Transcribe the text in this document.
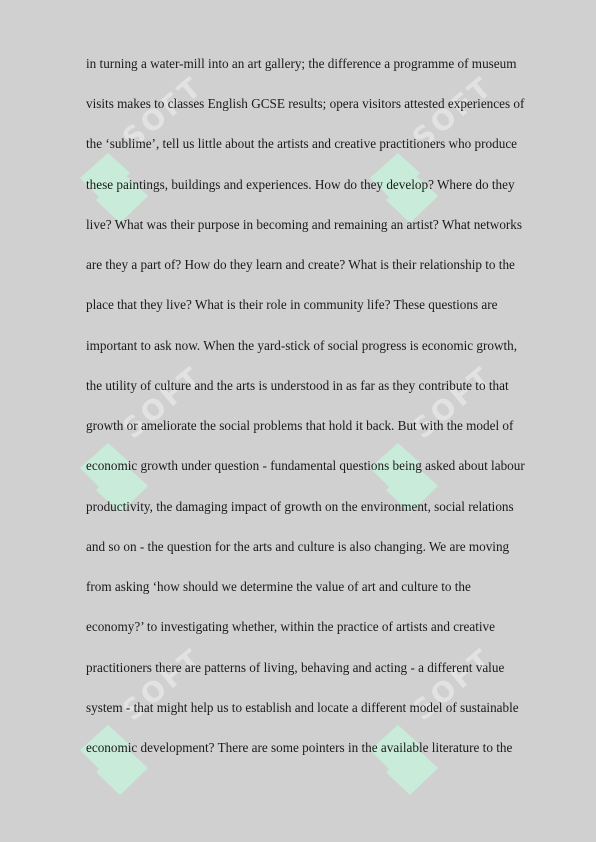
SOFT	SOFT
SOFT	SOFT
SOFT	SOFT
in turning a water-mill into an art gallery; the difference a programme of museum
visits makes to classes English GCSE results; opera visitors attested experiences of
the ‘sublime’, tell us little about the artists and creative practitioners who produce
these paintings, buildings and experiences. How do they develop? Where do they
live? What was their purpose in becoming and remaining an artist? What networks
are they a part of? How do they learn and create? What is their relationship to the
place that they live? What is their role in community life? These questions are
important to ask now. When the yard-stick of social progress is economic growth,
the utility of culture and the arts is understood in as far as they contribute to that
growth or ameliorate the social problems that hold it back. But with the model of
economic growth under question - fundamental questions being asked about labour
productivity, the damaging impact of growth on the environment, social relations
and so on - the question for the arts and culture is also changing. We are moving
from asking ‘how should we determine the value of art and culture to the
economy?’ to investigating whether, within the practice of artists and creative
practitioners there are patterns of living, behaving and acting - a different value
system - that might help us to establish and locate a different model of sustainable
economic development? There are some pointers in the available literature to the
